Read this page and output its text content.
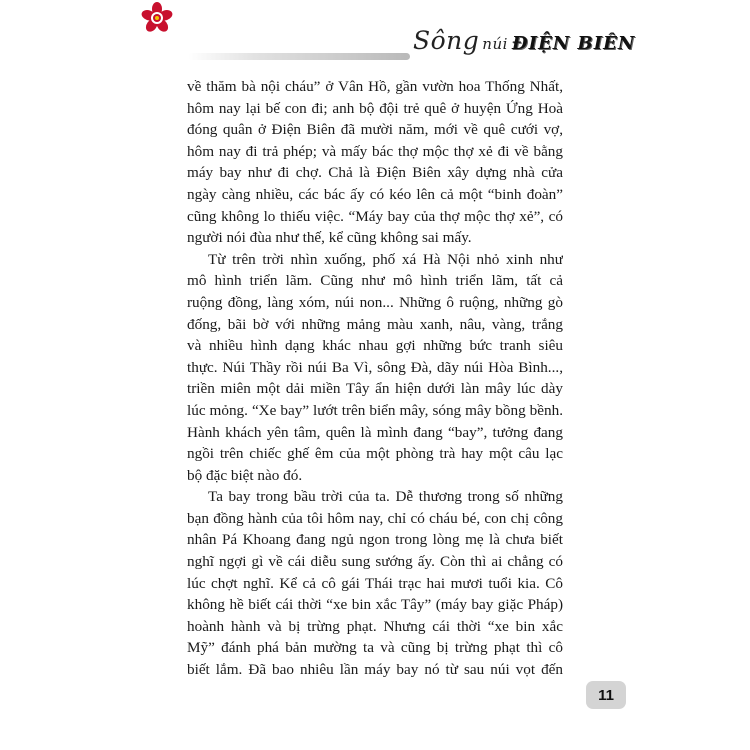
Sông núi ĐIỆN BIÊN
về thăm bà nội cháu” ở Vân Hồ, gần vườn hoa Thống Nhất,
hôm nay lại bế con đi; anh bộ đội trẻ quê ở huyện Ứng Hoà
đóng quân ở Điện Biên đã mười năm, mới về quê cưới vợ,
hôm nay đi trả phép; và mấy bác thợ mộc thợ xẻ đi về bằng
máy bay như đi chợ. Chả là Điện Biên xây dựng nhà cửa
ngày càng nhiều, các bác ấy có kéo lên cả một “binh đoàn”
cũng không lo thiếu việc. “Máy bay của thợ mộc thợ xẻ”, có
người nói đùa như thế, kể cũng không sai mấy.
Từ trên trời nhìn xuống, phố xá Hà Nội nhỏ xinh như
mô hình triển lãm. Cũng như mô hình triển lãm, tất cả
ruộng đồng, làng xóm, núi non... Những ô ruộng, những gò
đống, bãi bờ với những mảng màu xanh, nâu, vàng, trắng
và nhiều hình dạng khác nhau gợi những bức tranh siêu
thực. Núi Thầy rồi núi Ba Vì, sông Đà, dãy núi Hòa Bình...,
triền miên một dải miền Tây ẩn hiện dưới làn mây lúc dày
lúc mỏng. “Xe bay” lướt trên biển mây, sóng mây bồng bềnh.
Hành khách yên tâm, quên là mình đang “bay”, tưởng đang
ngồi trên chiếc ghế êm của một phòng trà hay một câu lạc
bộ đặc biệt nào đó.
Ta bay trong bầu trời của ta. Dễ thương trong số những
bạn đồng hành của tôi hôm nay, chỉ có cháu bé, con chị công
nhân Pá Khoang đang ngủ ngon trong lòng mẹ là chưa biết
nghĩ ngợi gì về cái diễu sung sướng ấy. Còn thì ai chẳng có
lúc chợt nghĩ. Kể cả cô gái Thái trạc hai mươi tuổi kia. Cô
không hề biết cái thời “xe bin xắc Tây” (máy bay giặc Pháp)
hoành hành và bị trừng phạt. Nhưng cái thời “xe bin xắc
Mỹ” đánh phá bản mường ta và cũng bị trừng phạt thì cô
biết lắm. Đã bao nhiêu lần máy bay nó từ sau núi vọt đến
11
